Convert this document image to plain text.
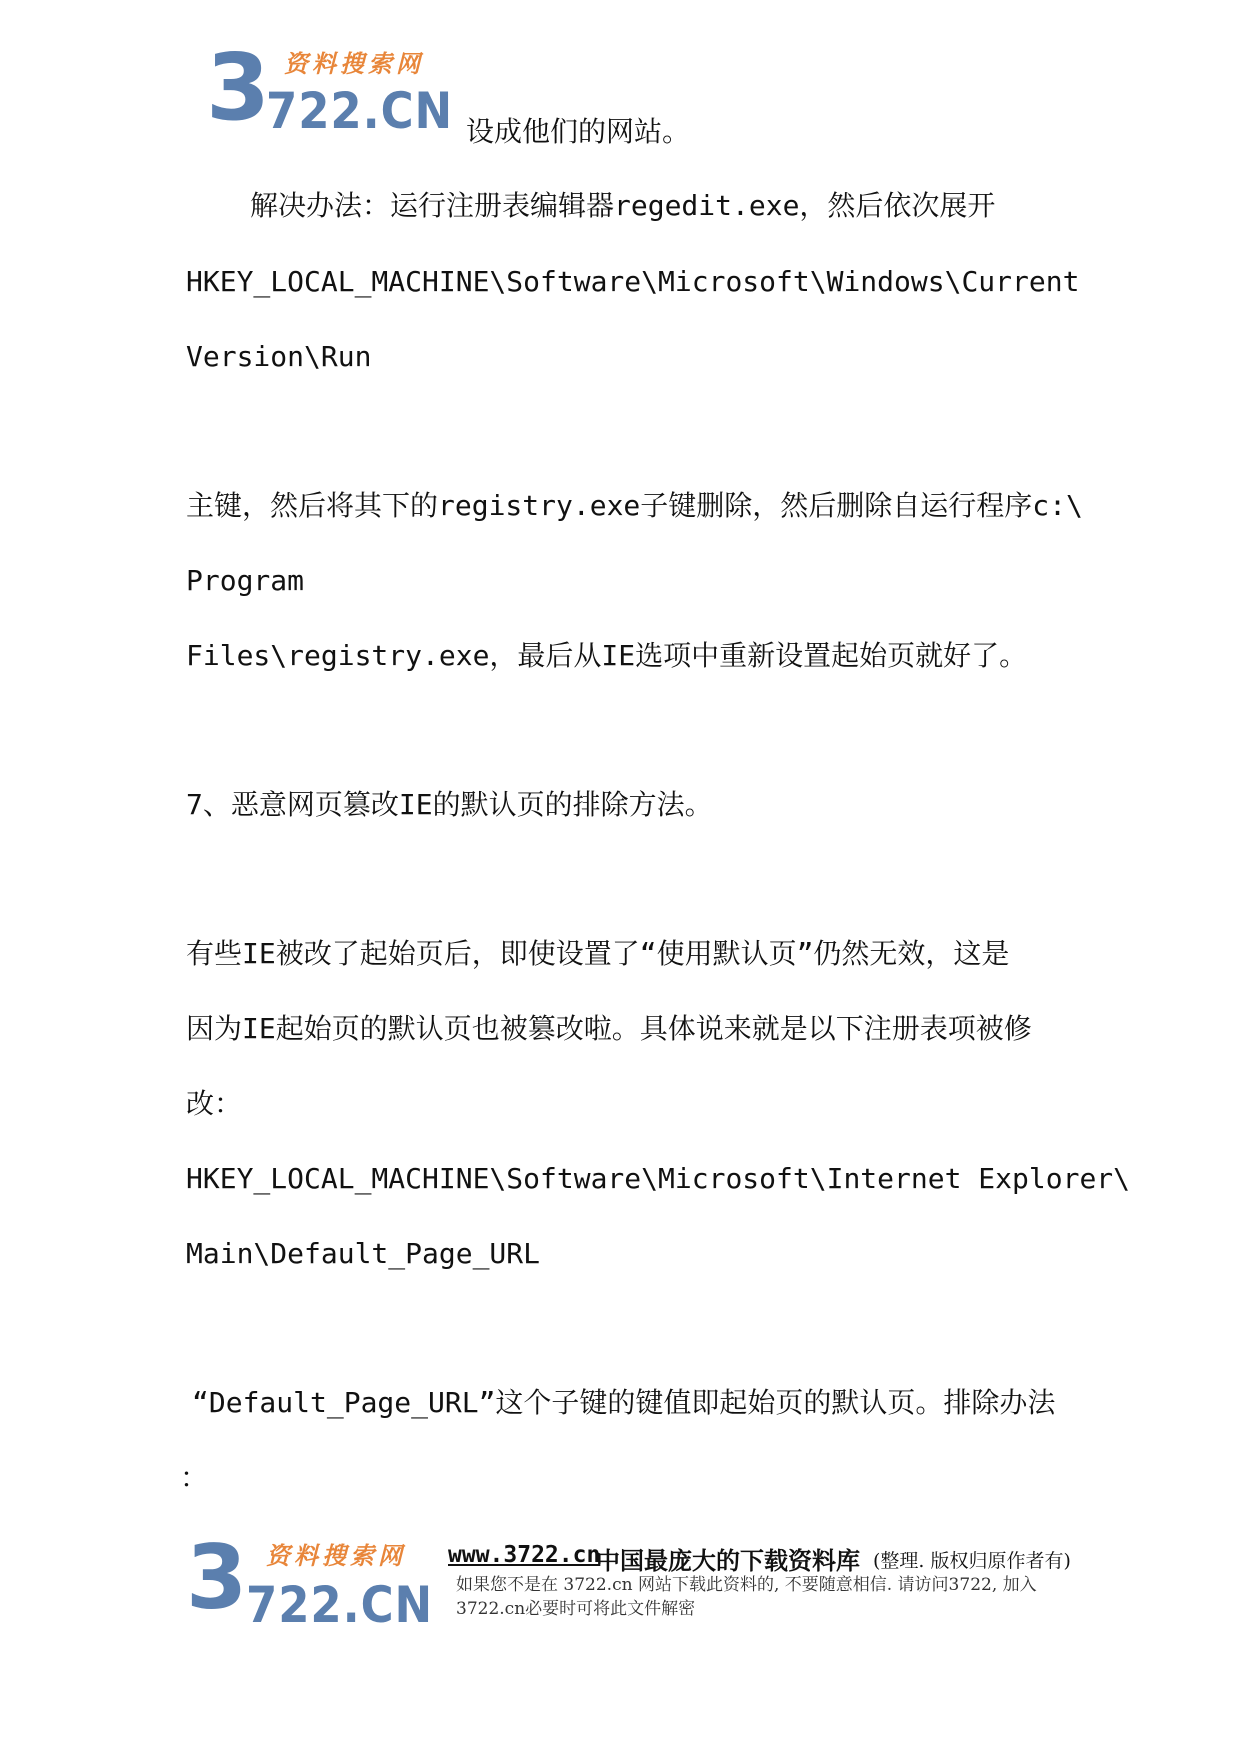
3 资料搜索网
722.CN 设成他们的网站。
解决办法：运行注册表编辑器regedit.exe，然后依次展开
HKEY_LOCAL_MACHINE\Software\Microsoft\Windows\Current
Version\Run
主键，然后将其下的registry.exe子键删除，然后删除自运行程序c:\
Program
Files\registry.exe，最后从IE选项中重新设置起始页就好了。
7、恶意网页篡改IE的默认页的排除方法。
有些IE被改了起始页后，即使设置了“使用默认页”仍然无效，这是
因为IE起始页的默认页也被篡改啦。具体说来就是以下注册表项被修
改：
HKEY_LOCAL_MACHINE\Software\Microsoft\Internet Explorer\
Main\Default_Page_URL
“Default_Page_URL”这个子键的键值即起始页的默认页。排除办法
：
3 资料搜索网
722.CN
www.3722.cn
中国最庞大的下载资料库 (整理. 版权归原作者有)
如果您不是在 3722.cn 网站下载此资料的, 不要随意相信. 请访问3722, 加入
3722.cn必要时可将此文件解密
